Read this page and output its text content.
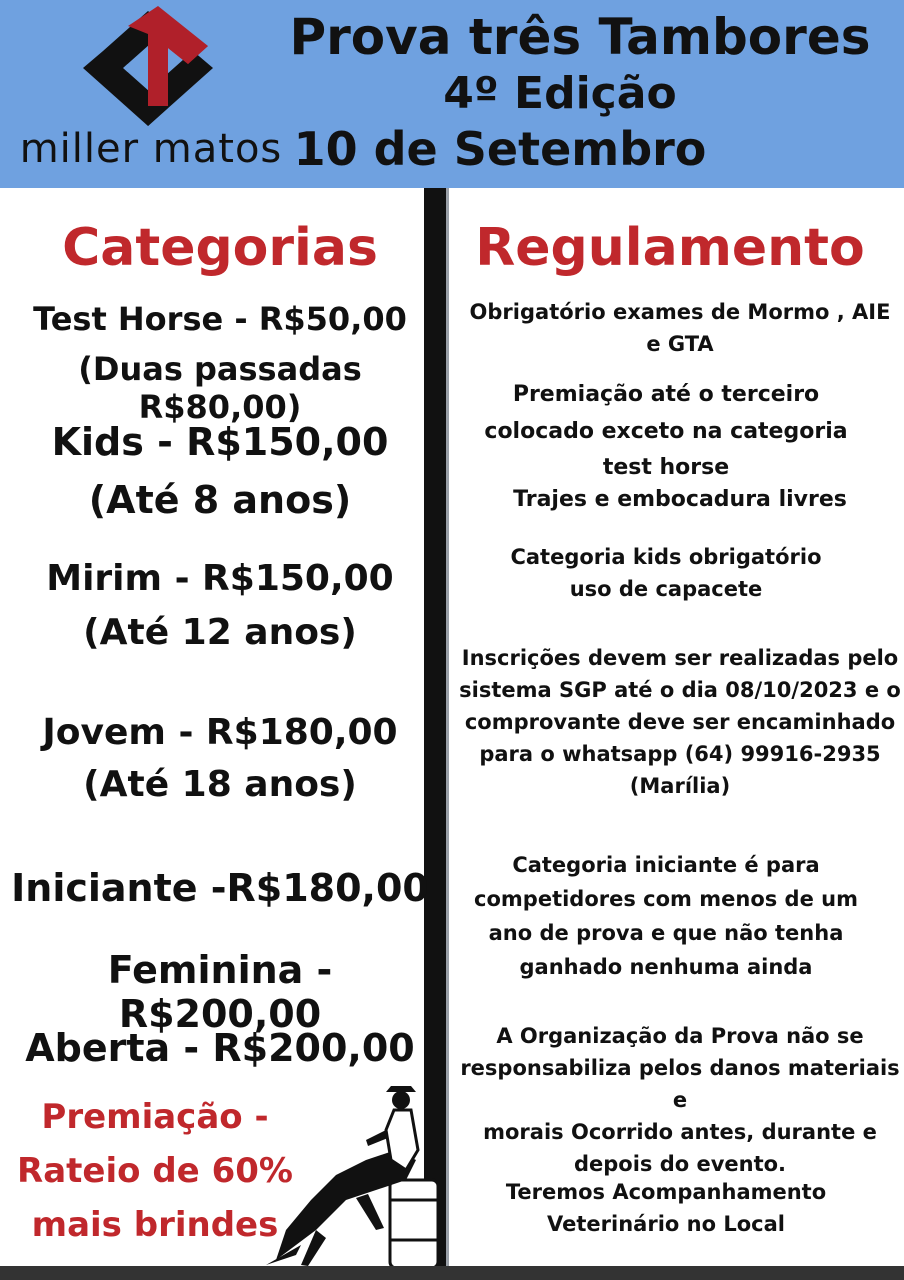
miller matos
Prova três Tambores
4º Edição
10 de Setembro
Categorias
Test Horse - R$50,00
(Duas passadas R$80,00)
Kids - R$150,00
(Até 8 anos)
Mirim - R$150,00
(Até 12 anos)
Jovem - R$180,00
(Até 18 anos)
Iniciante -R$180,00
Feminina - R$200,00
Aberta - R$200,00
Premiação -
Rateio de 60%
mais brindes
Regulamento
Obrigatório exames de Mormo , AIE
e GTA
Premiação até o terceiro
colocado exceto na categoria
test horse
Trajes e embocadura livres
Categoria kids obrigatório
uso de capacete
Inscrições devem ser realizadas pelo
sistema SGP até o dia 08/10/2023 e o
comprovante deve ser encaminhado
para o whatsapp (64) 99916-2935
(Marília)
Categoria iniciante é para
competidores com menos de um
ano de prova e que não tenha
ganhado nenhuma ainda
A Organização da Prova não se
responsabiliza pelos danos materiais e
morais Ocorrido antes, durante e
depois do evento.
Teremos Acompanhamento
Veterinário no Local
